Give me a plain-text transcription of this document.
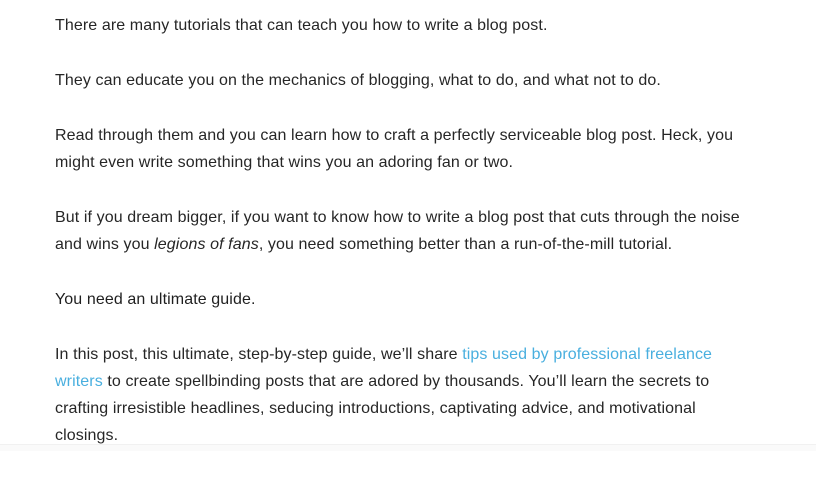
There are many tutorials that can teach you how to write a blog post.
They can educate you on the mechanics of blogging, what to do, and what not to do.
Read through them and you can learn how to craft a perfectly serviceable blog post. Heck, you
might even write something that wins you an adoring fan or two.
But if you dream bigger, if you want to know how to write a blog post that cuts through the noise
and wins you legions of fans, you need something better than a run-of-the-mill tutorial.
You need an ultimate guide.
In this post, this ultimate, step-by-step guide, we’ll share tips used by professional freelance
writers to create spellbinding posts that are adored by thousands. You’ll learn the secrets to
crafting irresistible headlines, seducing introductions, captivating advice, and motivational
closings.
